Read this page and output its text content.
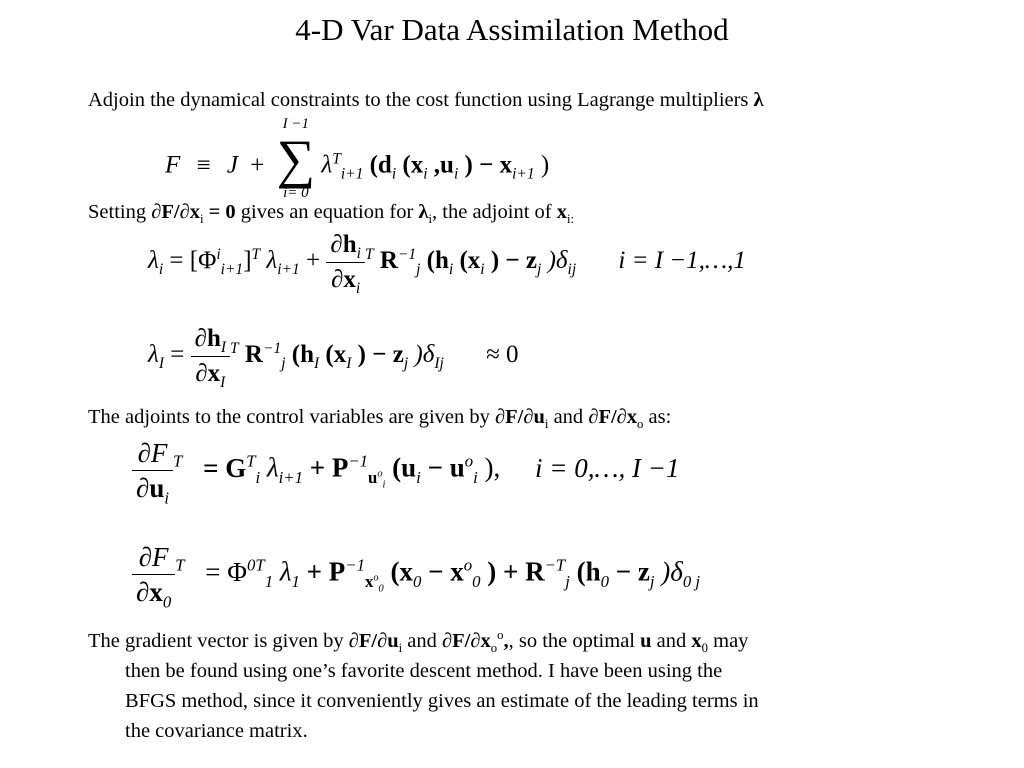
4-D Var Data Assimilation Method
Adjoin the dynamical constraints to the cost function using Lagrange multipliers λ
F ≡ J +
I −1
∑
i= 0
$\lambda^T_{i+1}$ ($d_i$ ($x_i$ $,u_i$ ) − $x_{i+1}$ )
Setting $\partial F/\partial x_i = 0$ gives an equation for $\lambda_i$, the adjoint of $x_{i:}$
$\lambda_i = [\Phi^i_{i+1}]^T$ $\lambda_{i+1} + \frac{\partial h_i}{\partial x_i} ^T$ $R^{-1}_j$ ($h_i$ ($x_i$ ) − $z_j$ )$\delta_{ij}$ i = I −1,…,1
$\lambda_I = \frac{\partial h_I}{\partial x_I} ^T$ $R^{-1}_j$ ($h_I$ ($x_I$ ) − $z_j$ )$\delta_{Ij} \approx 0$
The adjoints to the control variables are given by $\partial F/\partial u_i$ and $\partial F/\partial x_o$ as:
$\frac{\partial F}{\partial u_i} ^T = G^T_i$ $\lambda_{i+1} + P^{-1}_{u^o_i}$ ($u_i - u^o_i$ ), i = 0,…, I −1
$\frac{\partial F}{\partial x_0} ^T = \Phi^{0T}_1$ $\lambda_1 + P^{-1}_{x^o_0}$ ($x_0 - x^o_0$ ) + $R^{-T}_j$ ($h_0 - z_j$ )$\delta_{0 j}$
The gradient vector is given by $\partial F/\partial u_i$ and $\partial F/\partial x_o^o$,, so the optimal u and $x_0$ may
then be found using one’s favorite descent method. I have been using the
BFGS method, since it conveniently gives an estimate of the leading terms in
the covariance matrix.
